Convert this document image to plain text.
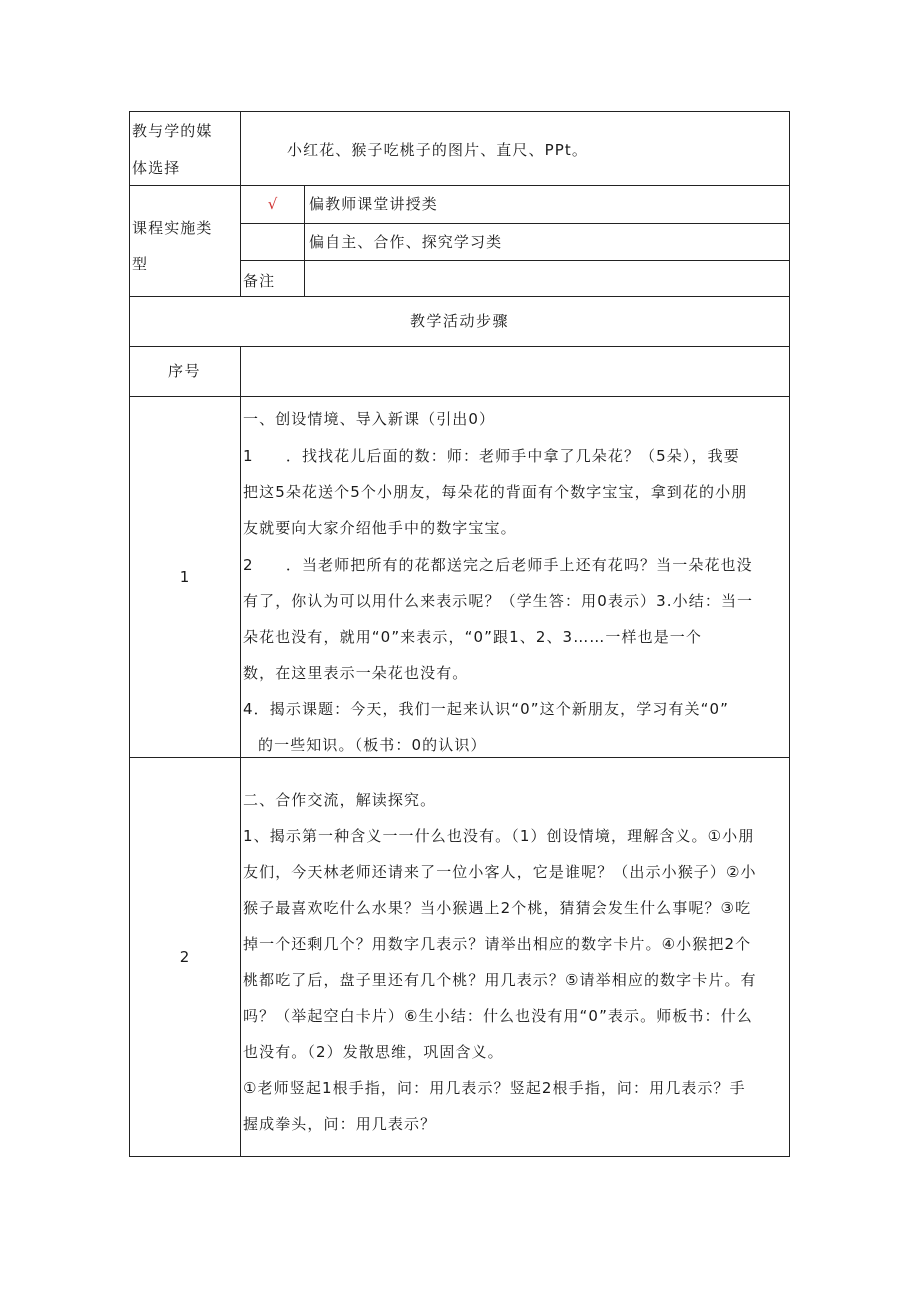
教与学的媒
体选择
小红花、猴子吃桃子的图片、直尺、PPt。
课程实施类
型
√	偏教师课堂讲授类
偏自主、合作、探究学习类
备注
教学活动步骤
序号
1
一、创设情境、导入新课（引出0）
1　　．找找花儿后面的数：师：老师手中拿了几朵花？（5朵），我要
把这5朵花送个5个小朋友，每朵花的背面有个数字宝宝，拿到花的小朋
友就要向大家介绍他手中的数字宝宝。
2　　．当老师把所有的花都送完之后老师手上还有花吗？当一朵花也没
有了，你认为可以用什么来表示呢？（学生答：用0表示）3.小结：当一
朵花也没有，就用“0”来表示，“0”跟1、2、3……一样也是一个
数，在这里表示一朵花也没有。
4．揭示课题：今天，我们一起来认识“0”这个新朋友，学习有关“0”
的一些知识。（板书：0的认识）
2
二、合作交流，解读探究。
1、揭示第一种含义一一什么也没有。（1）创设情境，理解含义。①小朋
友们，今天林老师还请来了一位小客人，它是谁呢？（出示小猴子）②小
猴子最喜欢吃什么水果？当小猴遇上2个桃，猜猜会发生什么事呢？③吃
掉一个还剩几个？用数字几表示？请举出相应的数字卡片。④小猴把2个
桃都吃了后，盘子里还有几个桃？用几表示？⑤请举相应的数字卡片。有
吗？（举起空白卡片）⑥生小结：什么也没有用“0”表示。师板书：什么
也没有。（2）发散思维，巩固含义。
①老师竖起1根手指，问：用几表示？竖起2根手指，问：用几表示？手
握成拳头，问：用几表示？
